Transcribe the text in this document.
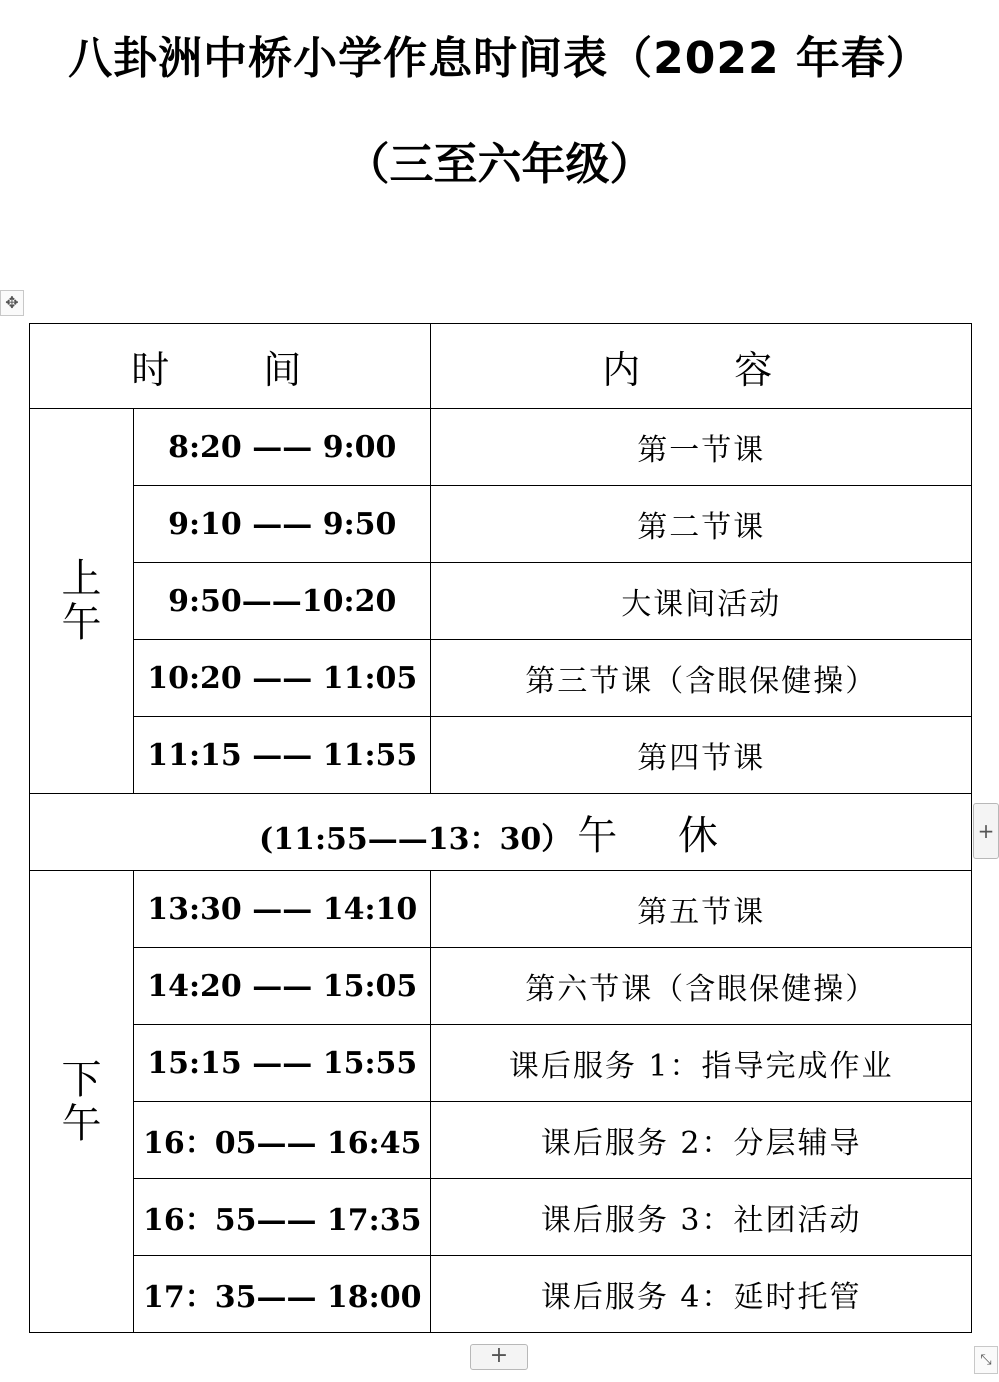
八卦洲中桥小学作息时间表（2022 年春）
（三至六年级）
✥
时　间		内　容

上
午	8:20 —— 9:00	第一节课
	9:10 —— 9:50	第二节课
	9:50——10:20	大课间活动
	10:20 —— 11:05	第三节课（含眼保健操）
	11:15 —— 11:55	第四节课
(11:55——13：30） 午 休		

下
午	13:30 —— 14:10	第五节课
	14:20 —— 15:05	第六节课（含眼保健操）
	15:15 —— 15:55	课后服务 1：指导完成作业
	16：05—— 16:45	课后服务 2：分层辅导
	16：55—— 17:35	课后服务 3：社团活动
	17：35—— 18:00	课后服务 4：延时托管
+
+	⤡
